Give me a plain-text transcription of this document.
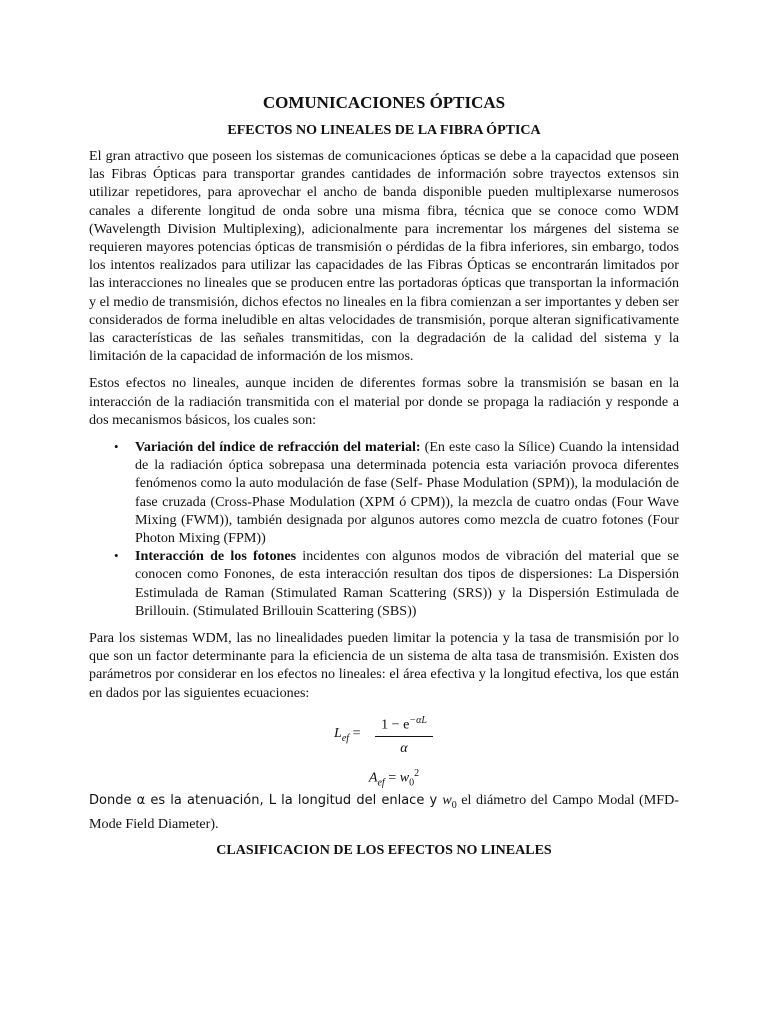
COMUNICACIONES ÓPTICAS
EFECTOS NO LINEALES DE LA FIBRA ÓPTICA

El gran atractivo que poseen los sistemas de comunicaciones ópticas se debe a la capacidad que poseen las Fibras Ópticas para transportar grandes cantidades de información sobre trayectos extensos sin utilizar repetidores, para aprovechar el ancho de banda disponible pueden multiplexarse numerosos canales a diferente longitud de onda sobre una misma fibra, técnica que se conoce como WDM (Wavelength Division Multiplexing), adicionalmente para incrementar los márgenes del sistema se requieren mayores potencias ópticas de transmisión o pérdidas de la fibra inferiores, sin embargo, todos los intentos realizados para utilizar las capacidades de las Fibras Ópticas se encontrarán limitados por las interacciones no lineales que se producen entre las portadoras ópticas que transportan la información y el medio de transmisión, dichos efectos no lineales en la fibra comienzan a ser importantes y deben ser considerados de forma ineludible en altas velocidades de transmisión, porque alteran significativamente las características de las señales transmitidas, con la degradación de la calidad del sistema y la limitación de la capacidad de información de los mismos.

Estos efectos no lineales, aunque inciden de diferentes formas sobre la transmisión se basan en la interacción de la radiación transmitida con el material por donde se propaga la radiación y responde a dos mecanismos básicos, los cuales son:

• Variación del índice de refracción del material: (En este caso la Sílice) Cuando la intensidad de la radiación óptica sobrepasa una determinada potencia esta variación provoca diferentes fenómenos como la auto modulación de fase (Self- Phase Modulation (SPM)), la modulación de fase cruzada (Cross-Phase Modulation (XPM ó CPM)), la mezcla de cuatro ondas (Four Wave Mixing (FWM)), también designada por algunos autores como mezcla de cuatro fotones (Four Photon Mixing (FPM))
• Interacción de los fotones incidentes con algunos modos de vibración del material que se conocen como Fonones, de esta interacción resultan dos tipos de dispersiones: La Dispersión Estimulada de Raman (Stimulated Raman Scattering (SRS)) y la Dispersión Estimulada de Brillouin. (Stimulated Brillouin Scattering (SBS))

Para los sistemas WDM, las no linealidades pueden limitar la potencia y la tasa de transmisión por lo que son un factor determinante para la eficiencia de un sistema de alta tasa de transmisión. Existen dos parámetros por considerar en los efectos no lineales: el área efectiva y la longitud efectiva, los que están en dados por las siguientes ecuaciones:

$L_{ef}$ =
$1 - e^{-\alpha L}$
α
$A_{ef} = w_0^2$

Donde α es la atenuación, L la longitud del enlace y $w_0$ el diámetro del Campo Modal (MFD- Mode Field Diameter).

CLASIFICACION DE LOS EFECTOS NO LINEALES
